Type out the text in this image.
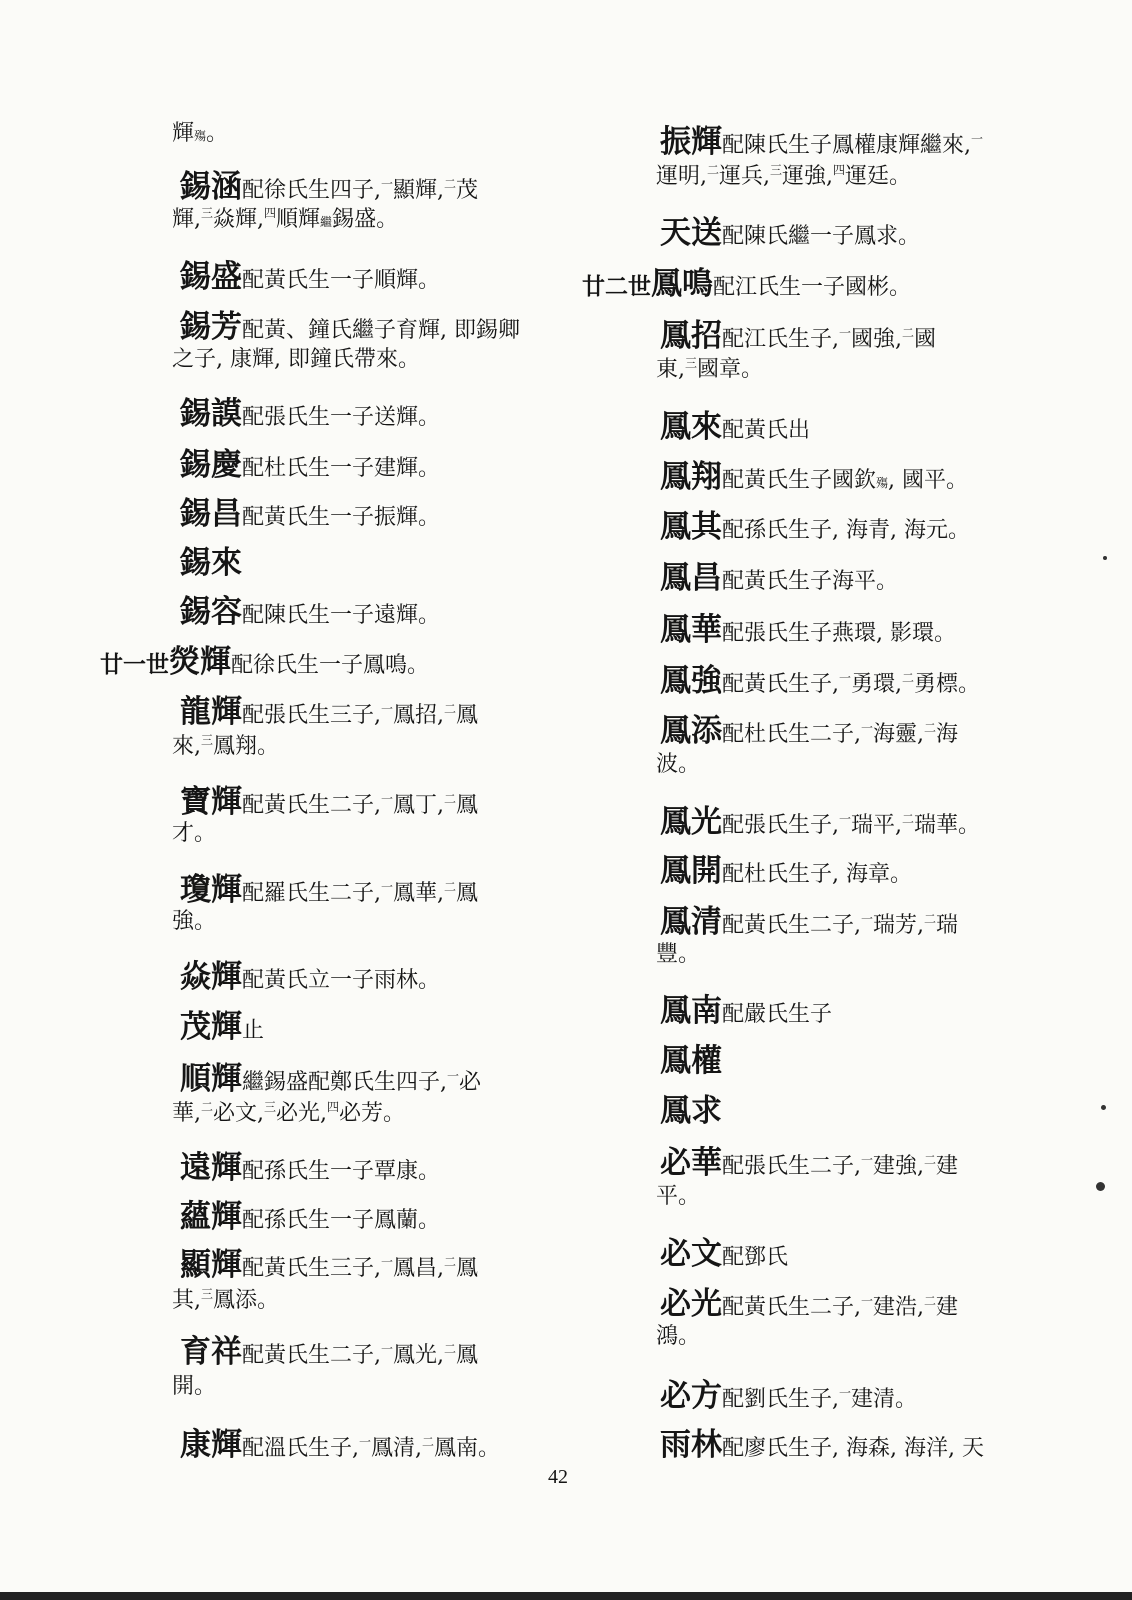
輝殤。
錫涵配徐氏生四子,$^一$顯輝,$^二$茂
輝,$^三$焱輝,$^四$順輝繼錫盛。
錫盛配黃氏生一子順輝。
錫芳配黃、鐘氏繼子育輝, 即錫卿
之子, 康輝, 即鐘氏帶來。
錫謨配張氏生一子送輝。
錫慶配杜氏生一子建輝。
錫昌配黃氏生一子振輝。
錫來
錫容配陳氏生一子遠輝。
廿一世熒輝配徐氏生一子鳳鳴。
龍輝配張氏生三子,$^一$鳳招,$^二$鳳
來,$^三$鳳翔。
寶輝配黃氏生二子,$^一$鳳丁,$^二$鳳
才。
瓊輝配羅氏生二子,$^一$鳳華,$^二$鳳
強。
焱輝配黃氏立一子雨林。
茂輝止
順輝繼錫盛配鄭氏生四子,$^一$必
華,$^二$必文,$^三$必光,$^四$必芳。
遠輝配孫氏生一子覃康。
蘊輝配孫氏生一子鳳蘭。
顯輝配黃氏生三子,$^一$鳳昌,$^二$鳳
其,$^三$鳳添。
育祥配黃氏生二子,$^一$鳳光,$^二$鳳
開。
康輝配溫氏生子,$^一$鳳清,$^二$鳳南。
振輝配陳氏生子鳳權康輝繼來,$^一$
運明,$^二$運兵,$^三$運強,$^四$運廷。
天送配陳氏繼一子鳳求。
廿二世鳳鳴配江氏生一子國彬。
鳳招配江氏生子,$^一$國強,$^二$國
東,$^三$國章。
鳳來配黃氏出
鳳翔配黃氏生子國欽殤, 國平。
鳳其配孫氏生子, 海青, 海元。
鳳昌配黃氏生子海平。
鳳華配張氏生子燕環, 影環。
鳳強配黃氏生子,$^一$勇環,$^二$勇標。
鳳添配杜氏生二子,$^一$海靈,$^二$海
波。
鳳光配張氏生子,$^一$瑞平,$^二$瑞華。
鳳開配杜氏生子, 海章。
鳳清配黃氏生二子,$^一$瑞芳,$^二$瑞
豐。
鳳南配嚴氏生子
鳳權
鳳求
必華配張氏生二子,$^一$建強,$^二$建
平。
必文配鄧氏
必光配黃氏生二子,$^一$建浩,$^二$建
鴻。
必方配劉氏生子,$^一$建清。
雨林配廖氏生子, 海森, 海洋, 天
42
